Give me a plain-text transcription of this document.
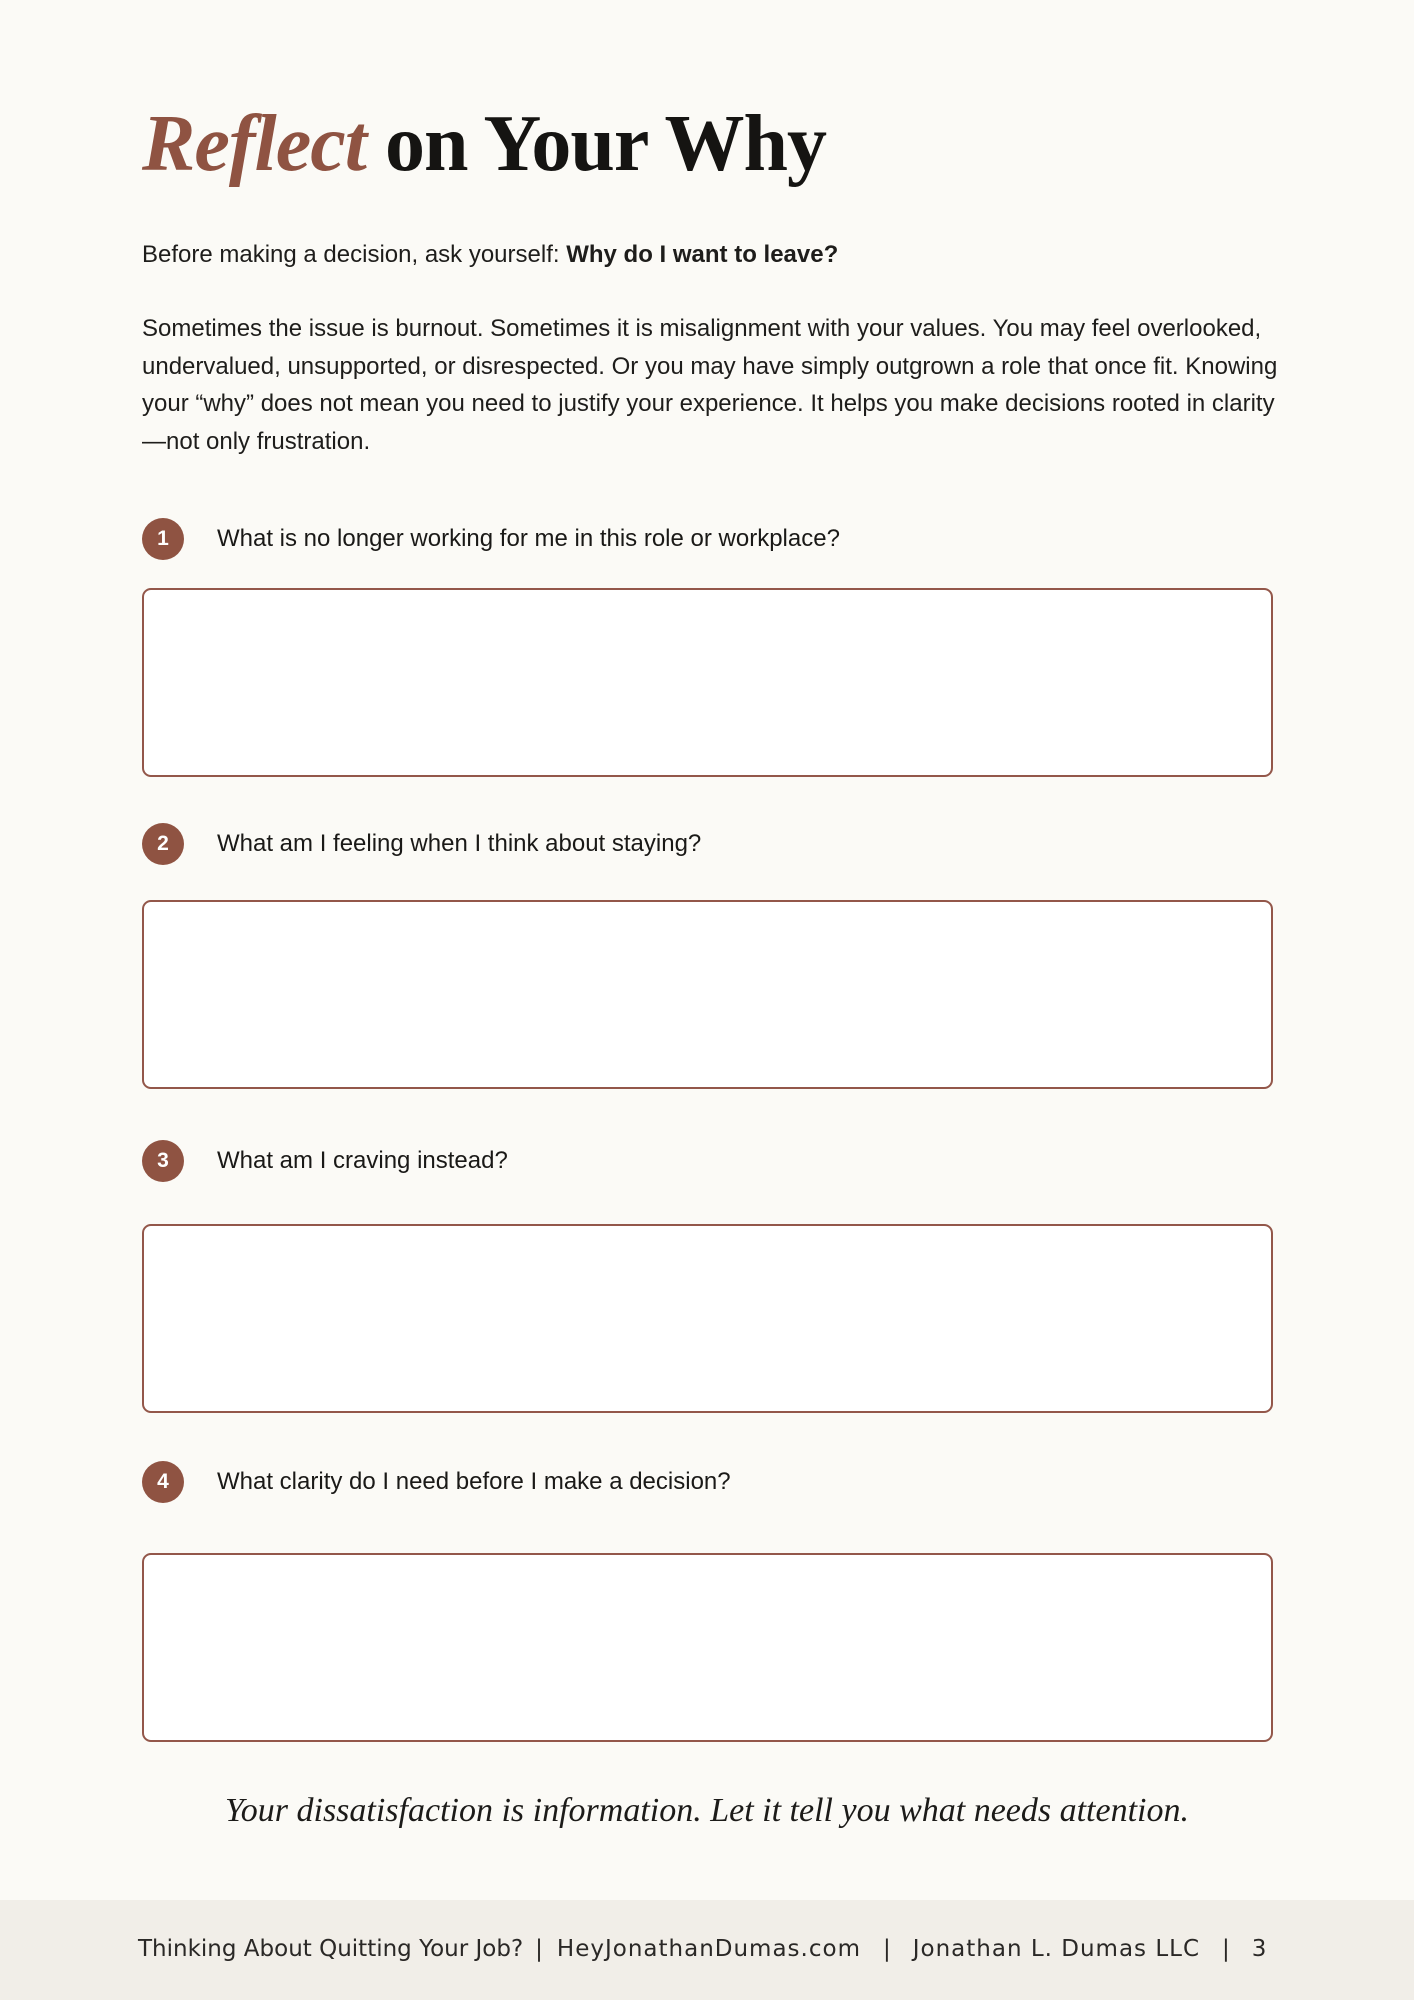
Reflect on Your Why

Before making a decision, ask yourself: Why do I want to leave?

Sometimes the issue is burnout. Sometimes it is misalignment with your values. You may feel overlooked, undervalued, unsupported, or disrespected. Or you may have simply outgrown a role that once fit. Knowing your “why” does not mean you need to justify your experience. It helps you make decisions rooted in clarity—not only frustration.

1	What is no longer working for me in this role or workplace?
2	What am I feeling when I think about staying?
3	What am I craving instead?
4	What clarity do I need before I make a decision?

Your dissatisfaction is information. Let it tell you what needs attention.

Thinking About Quitting Your Job? | HeyJonathanDumas.com | Jonathan L. Dumas LLC | 3
